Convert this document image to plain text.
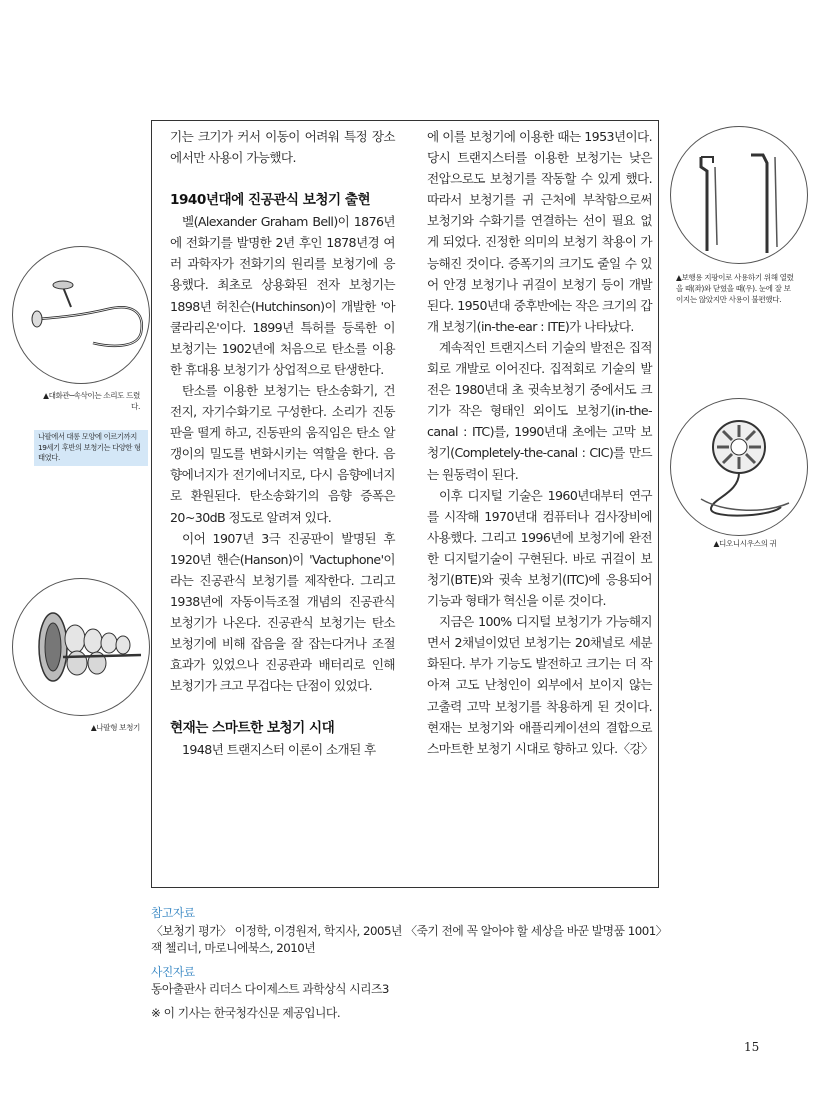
기는 크기가 커서 이동이 어려워 특정 장소에서만 사용이 가능했다.

1940년대에 진공관식 보청기 출현

벨(Alexander Graham Bell)이 1876년에 전화기를 발명한 2년 후인 1878년경 여러 과학자가 전화기의 원리를 보청기에 응용했다. 최초로 상용화된 전자 보청기는 1898년 허친슨(Hutchinson)이 개발한 '아쿨라리온'이다. 1899년 특허를 등록한 이 보청기는 1902년에 처음으로 탄소를 이용한 휴대용 보청기가 상업적으로 탄생한다.

탄소를 이용한 보청기는 탄소송화기, 건전지, 자기수화기로 구성한다. 소리가 진동판을 떨게 하고, 진동판의 움직임은 탄소 알갱이의 밀도를 변화시키는 역할을 한다. 음향에너지가 전기에너지로, 다시 음향에너지로 환원된다. 탄소송화기의 음향 증폭은 20~30dB 정도로 알려져 있다.

이어 1907년 3극 진공판이 발명된 후 1920년 핸슨(Hanson)이 'Vactuphone'이라는 진공관식 보청기를 제작한다. 그리고 1938년에 자동이득조절 개념의 진공관식 보청기가 나온다. 진공관식 보청기는 탄소 보청기에 비해 잡음을 잘 잡는다거나 조절 효과가 있었으나 진공관과 배터리로 인해 보청기가 크고 무겁다는 단점이 있었다.

현재는 스마트한 보청기 시대

1948년 트랜지스터 이론이 소개된 후

에 이를 보청기에 이용한 때는 1953년이다. 당시 트랜지스터를 이용한 보청기는 낮은 전압으로도 보청기를 작동할 수 있게 했다. 따라서 보청기를 귀 근처에 부착함으로써 보청기와 수화기를 연결하는 선이 필요 없게 되었다. 진정한 의미의 보청기 착용이 가능해진 것이다. 증폭기의 크기도 줄일 수 있어 안경 보청기나 귀걸이 보청기 등이 개발된다. 1950년대 중후반에는 작은 크기의 갑개 보청기(in-the-ear : ITE)가 나타났다.

계속적인 트랜지스터 기술의 발전은 집적회로 개발로 이어진다. 집적회로 기술의 발전은 1980년대 초 귓속보청기 중에서도 크기가 작은 형태인 외이도 보청기(in-the-canal : ITC)를, 1990년대 초에는 고막 보청기(Completely-the-canal : CIC)를 만드는 원동력이 된다.

이후 디지털 기술은 1960년대부터 연구를 시작해 1970년대 컴퓨터나 검사장비에 사용했다. 그리고 1996년에 보청기에 완전한 디지털기술이 구현된다. 바로 귀걸이 보청기(BTE)와 귓속 보청기(ITC)에 응용되어 기능과 형태가 혁신을 이룬 것이다.

지금은 100% 디지털 보청기가 가능해지면서 2채널이었던 보청기는 20채널로 세분화된다. 부가 기능도 발전하고 크기는 더 작아져 고도 난청인이 외부에서 보이지 않는 고출력 고막 보청기를 착용하게 된 것이다. 현재는 보청기와 애플리케이션의 결합으로 스마트한 보청기 시대로 향하고 있다.〈강〉

▲대화관─속삭이는 소리도 드렸다.
나팔에서 대롱 모양에 이르기까지 19세기 후반의 보청기는 다양한 형태였다.
▲나팔형 보청기
▲보행용 지팡이로 사용하기 위해 열렸을 때(좌)와 닫혔을 때(우). 눈에 잘 보이지는 않았지만 사용이 불편했다.
▲디오니시우스의 귀
참고자료
〈보청기 평가〉 이정학, 이경원저, 학지사, 2005년 〈죽기 전에 꼭 알아야 할 세상을 바꾼 발명품 1001〉 잭 첼리너, 마로니에북스, 2010년
사진자료
동아출판사 리더스 다이제스트 과학상식 시리즈3
※ 이 기사는 한국청각신문 제공입니다.
15
